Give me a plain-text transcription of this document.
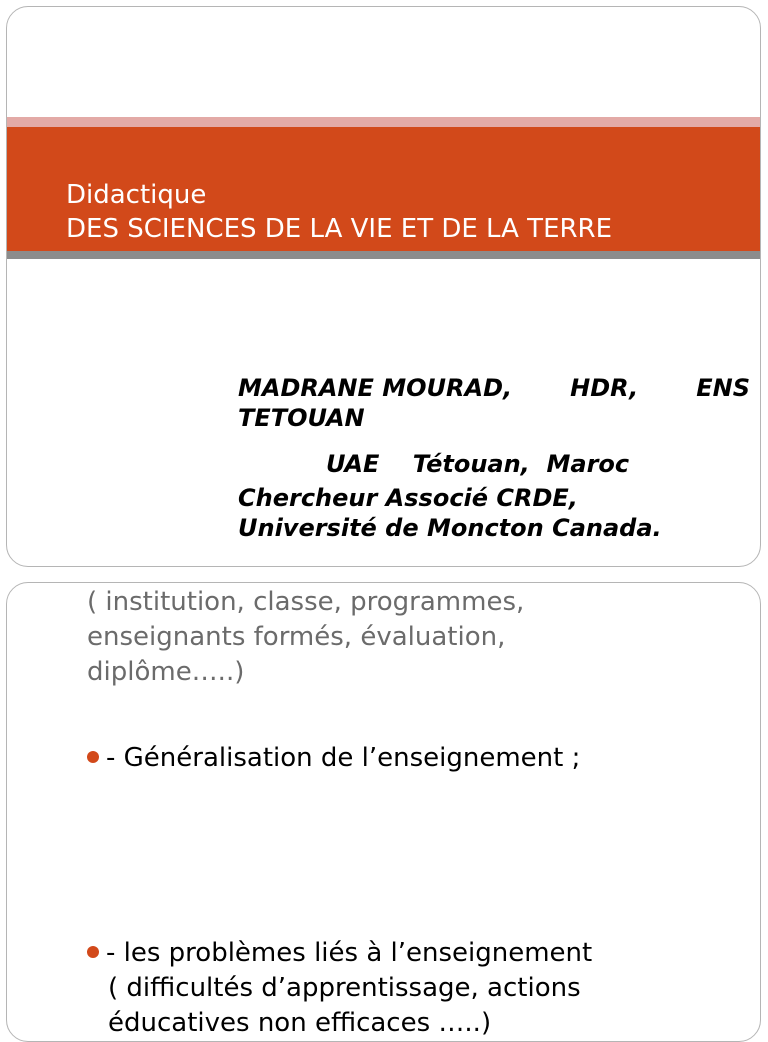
Didactique
DES SCIENCES DE LA VIE ET DE LA TERRE
MADRANE MOURAD, HDR, ENS
TETOUAN
UAE    Tétouan,  Maroc
Chercheur Associé CRDE,
Université de Moncton Canada.
( institution, classe, programmes,
enseignants formés, évaluation,
diplôme…..)
- Généralisation de l’enseignement ;
- les problèmes liés à l’enseignement
( difficultés d’apprentissage, actions
éducatives non efficaces …..)
